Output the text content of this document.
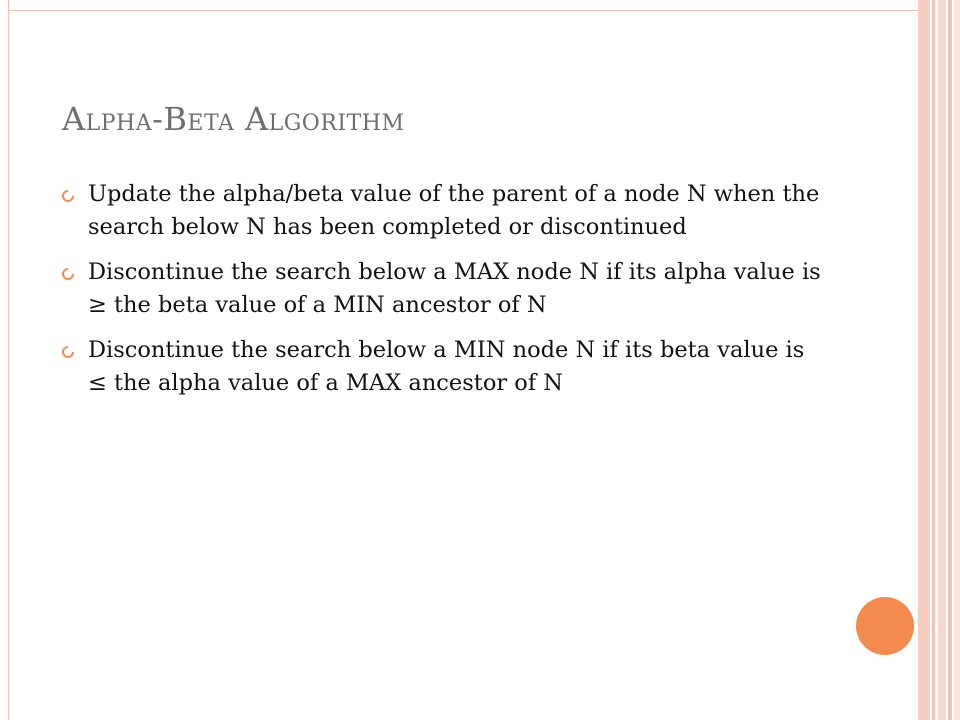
Alpha-Beta Algorithm
Update the alpha/beta value of the parent of a node N when the search below N has been completed or discontinued
Discontinue the search below a MAX node N if its alpha value is ≥ the beta value of a MIN ancestor of N
Discontinue the search below a MIN node N if its beta value is ≤ the alpha value of a MAX ancestor of N
